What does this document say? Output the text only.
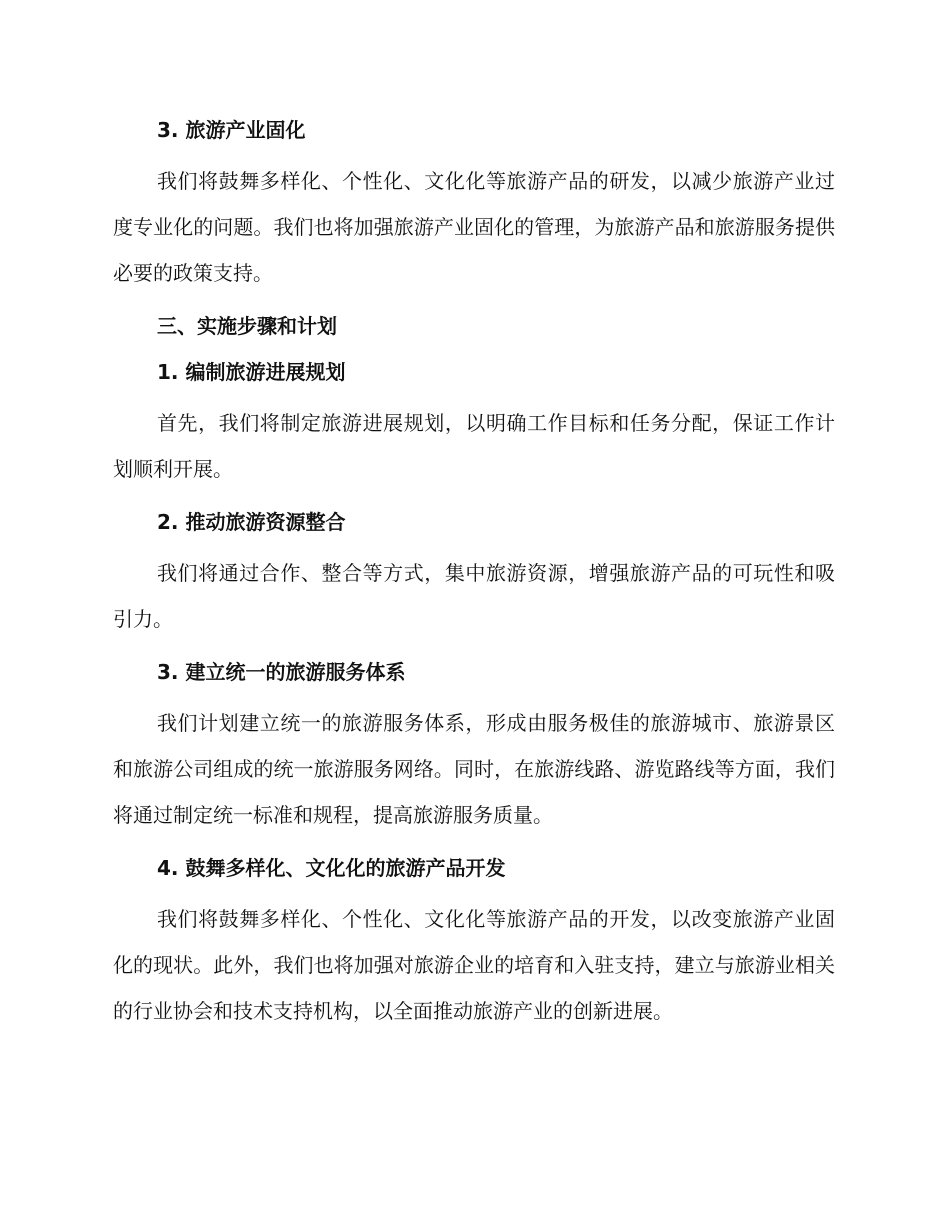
3. 旅游产业固化

我们将鼓舞多样化、个性化、文化化等旅游产品的研发，以减少旅游产业过度专业化的问题。我们也将加强旅游产业固化的管理，为旅游产品和旅游服务提供必要的政策支持。

三、实施步骤和计划
1. 编制旅游进展规划

首先，我们将制定旅游进展规划，以明确工作目标和任务分配，保证工作计划顺利开展。

2. 推动旅游资源整合

我们将通过合作、整合等方式，集中旅游资源，增强旅游产品的可玩性和吸引力。

3. 建立统一的旅游服务体系

我们计划建立统一的旅游服务体系，形成由服务极佳的旅游城市、旅游景区和旅游公司组成的统一旅游服务网络。同时，在旅游线路、游览路线等方面，我们将通过制定统一标准和规程，提高旅游服务质量。

4. 鼓舞多样化、文化化的旅游产品开发

我们将鼓舞多样化、个性化、文化化等旅游产品的开发，以改变旅游产业固化的现状。此外，我们也将加强对旅游企业的培育和入驻支持，建立与旅游业相关的行业协会和技术支持机构，以全面推动旅游产业的创新进展。
